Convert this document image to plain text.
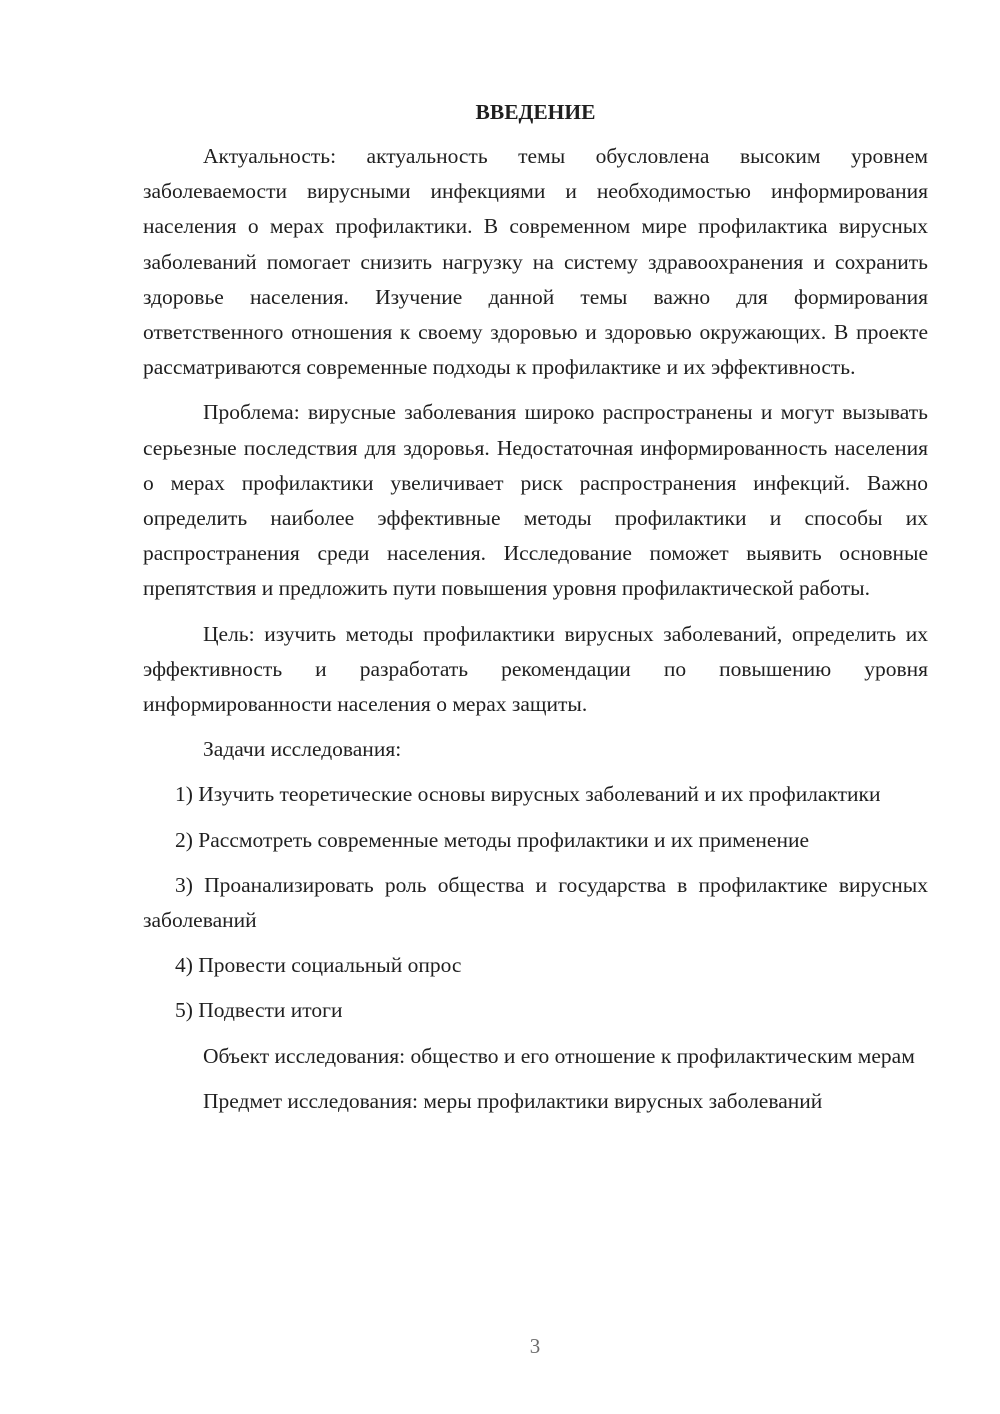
ВВЕДЕНИЕ

Актуальность: актуальность темы обусловлена высоким уровнем заболеваемости вирусными инфекциями и необходимостью информирования населения о мерах профилактики. В современном мире профилактика вирусных заболеваний помогает снизить нагрузку на систему здравоохранения и сохранить здоровье населения. Изучение данной темы важно для формирования ответственного отношения к своему здоровью и здоровью окружающих. В проекте рассматриваются современные подходы к профилактике и их эффективность.

Проблема: вирусные заболевания широко распространены и могут вызывать серьезные последствия для здоровья. Недостаточная информированность населения о мерах профилактики увеличивает риск распространения инфекций. Важно определить наиболее эффективные методы профилактики и способы их распространения среди населения. Исследование поможет выявить основные препятствия и предложить пути повышения уровня профилактической работы.

Цель: изучить методы профилактики вирусных заболеваний, определить их эффективность и разработать рекомендации по повышению уровня информированности населения о мерах защиты.

Задачи исследования:

1) Изучить теоретические основы вирусных заболеваний и их профилактики

2) Рассмотреть современные методы профилактики и их применение

3) Проанализировать роль общества и государства в профилактике вирусных заболеваний

4) Провести социальный опрос

5) Подвести итоги

Объект исследования: общество и его отношение к профилактическим мерам

Предмет исследования: меры профилактики вирусных заболеваний

3
